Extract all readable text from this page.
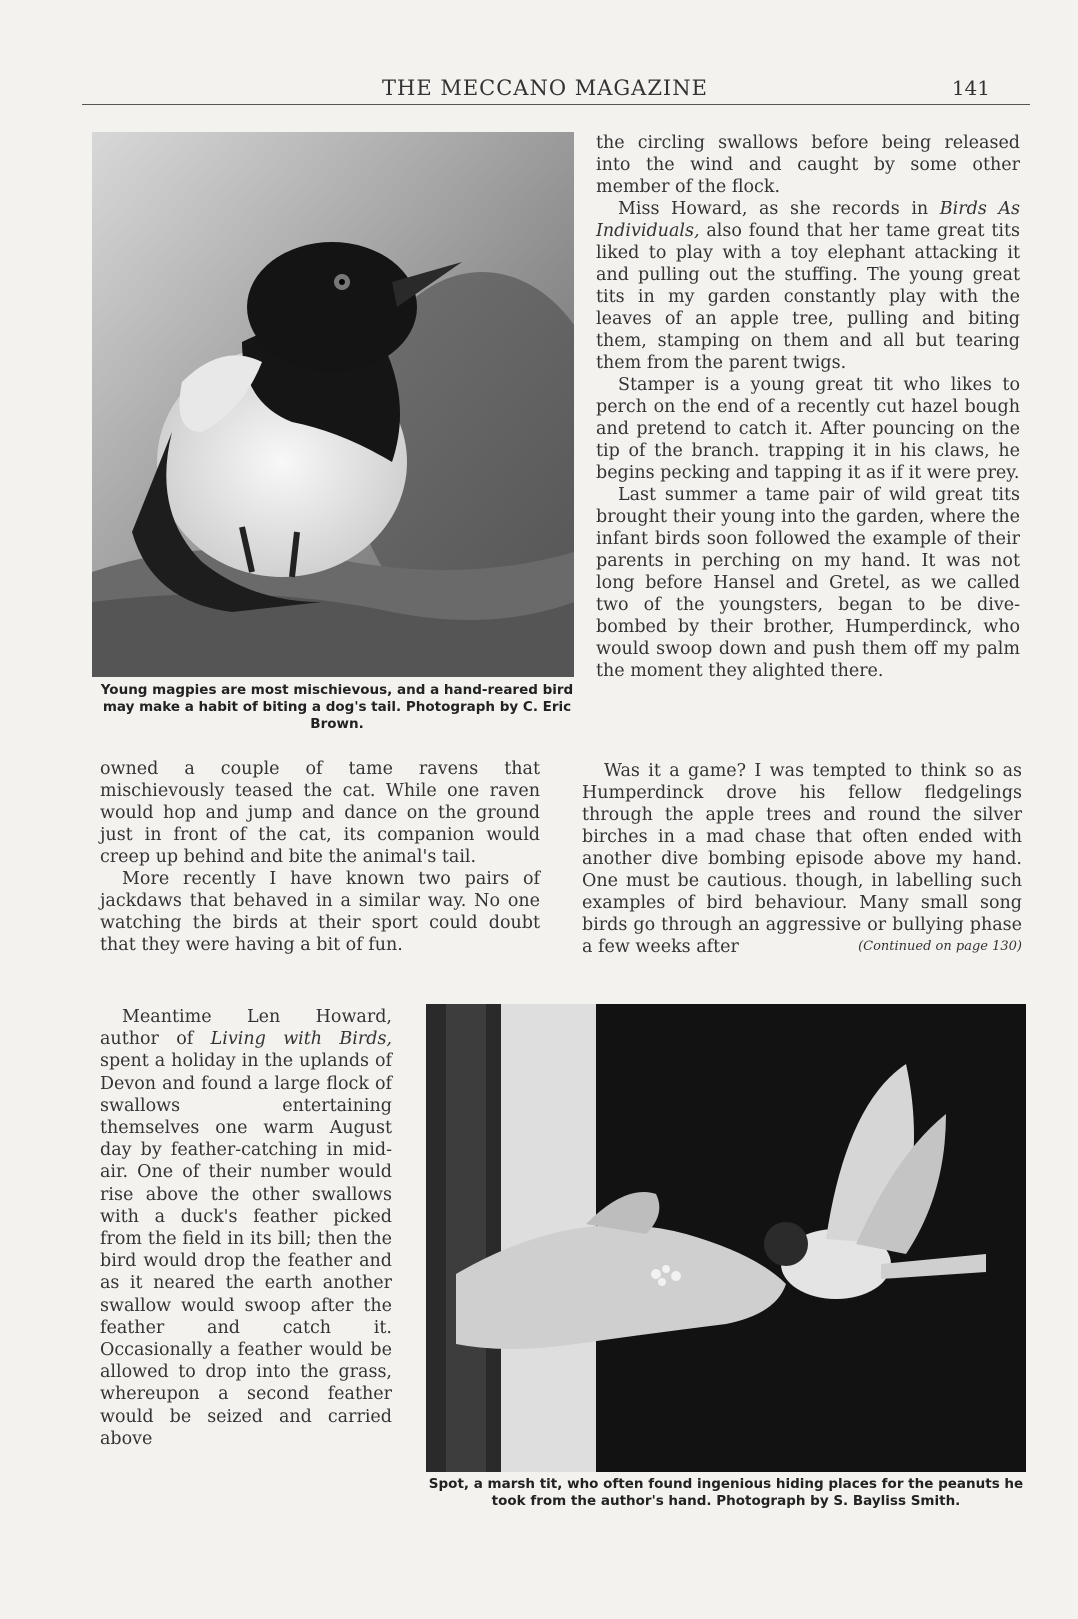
THE MECCANO MAGAZINE	141
Young magpies are most mischievous, and a hand-reared bird may make a habit of biting a dog's tail. Photograph by C. Eric Brown.

owned a couple of tame ravens that mischievously teased the cat. While one raven would hop and jump and dance on the ground just in front of the cat, its companion would creep up behind and bite the animal's tail.

More recently I have known two pairs of jackdaws that behaved in a similar way. No one watching the birds at their sport could doubt that they were having a bit of fun.

Meantime Len Howard, author of Living with Birds, spent a holiday in the uplands of Devon and found a large flock of swallows entertaining themselves one warm August day by feather-catching in mid-air. One of their number would rise above the other swallows with a duck's feather picked from the field in its bill; then the bird would drop the feather and as it neared the earth another swallow would swoop after the feather and catch it. Occasionally a feather would be allowed to drop into the grass, whereupon a second feather would be seized and carried above

the circling swallows before being released into the wind and caught by some other member of the flock.

Miss Howard, as she records in Birds As Individuals, also found that her tame great tits liked to play with a toy elephant attacking it and pulling out the stuffing. The young great tits in my garden constantly play with the leaves of an apple tree, pulling and biting them, stamping on them and all but tearing them from the parent twigs.

Stamper is a young great tit who likes to perch on the end of a recently cut hazel bough and pretend to catch it. After pouncing on the tip of the branch. trapping it in his claws, he begins pecking and tapping it as if it were prey.

Last summer a tame pair of wild great tits brought their young into the garden, where the infant birds soon followed the example of their parents in perching on my hand. It was not long before Hansel and Gretel, as we called two of the youngsters, began to be dive-bombed by their brother, Humperdinck, who would swoop down and push them off my palm the moment they alighted there.

Was it a game? I was tempted to think so as Humperdinck drove his fellow fledgelings through the apple trees and round the silver birches in a mad chase that often ended with another dive bombing episode above my hand. One must be cautious. though, in labelling such examples of bird behaviour. Many small song birds go through an aggressive or bullying phase a few weeks after	(Continued on page 130)

Spot, a marsh tit, who often found ingenious hiding places for the peanuts he took from the author's hand. Photograph by S. Bayliss Smith.
